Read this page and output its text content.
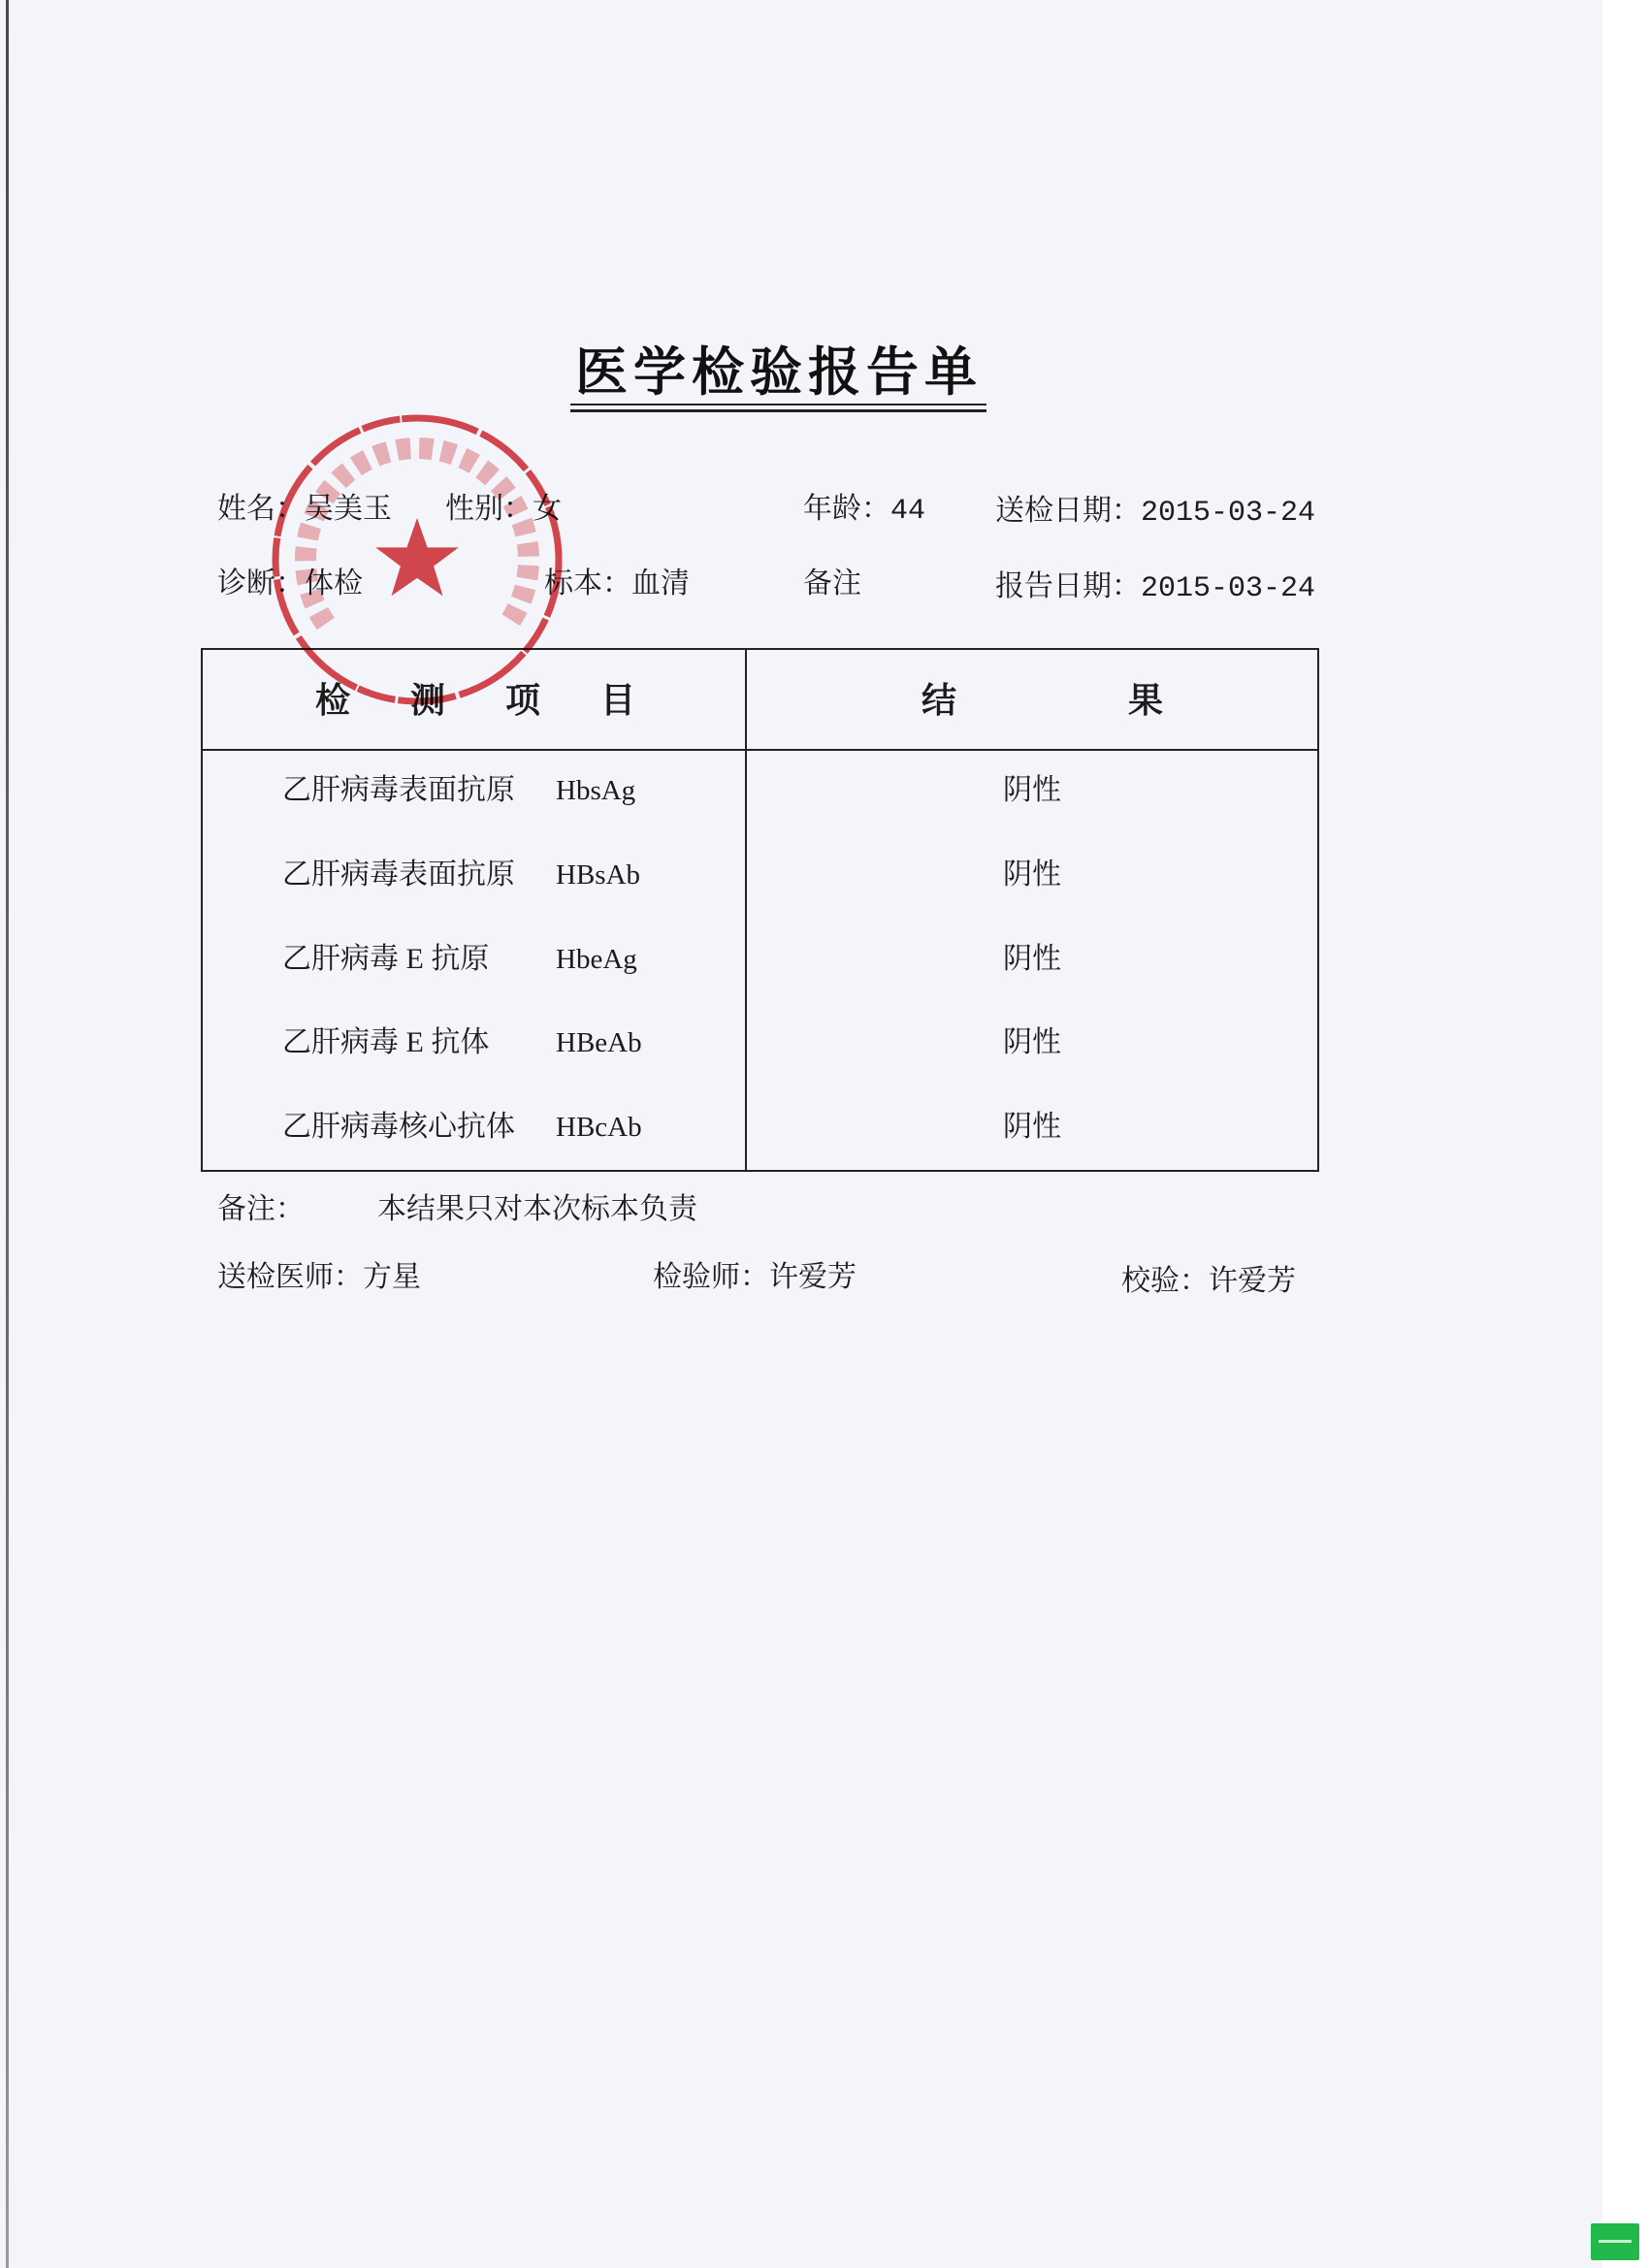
医学检验报告单
姓名：吴美玉 性别：女	年龄：44 送检日期：2015-03-24
诊断：体检	标本：血清	备注	报告日期：2015-03-24
检 测 项 目	结 果
乙肝病毒表面抗原 HbsAg	阴性
乙肝病毒表面抗原 HBsAb	阴性
乙肝病毒 E 抗原 HbeAg	阴性
乙肝病毒 E 抗体 HBeAb	阴性
乙肝病毒核心抗体 HBcAb	阴性
备注：	本结果只对本次标本负责
送检医师：方星	检验师：许爱芳	校验：许爱芳
